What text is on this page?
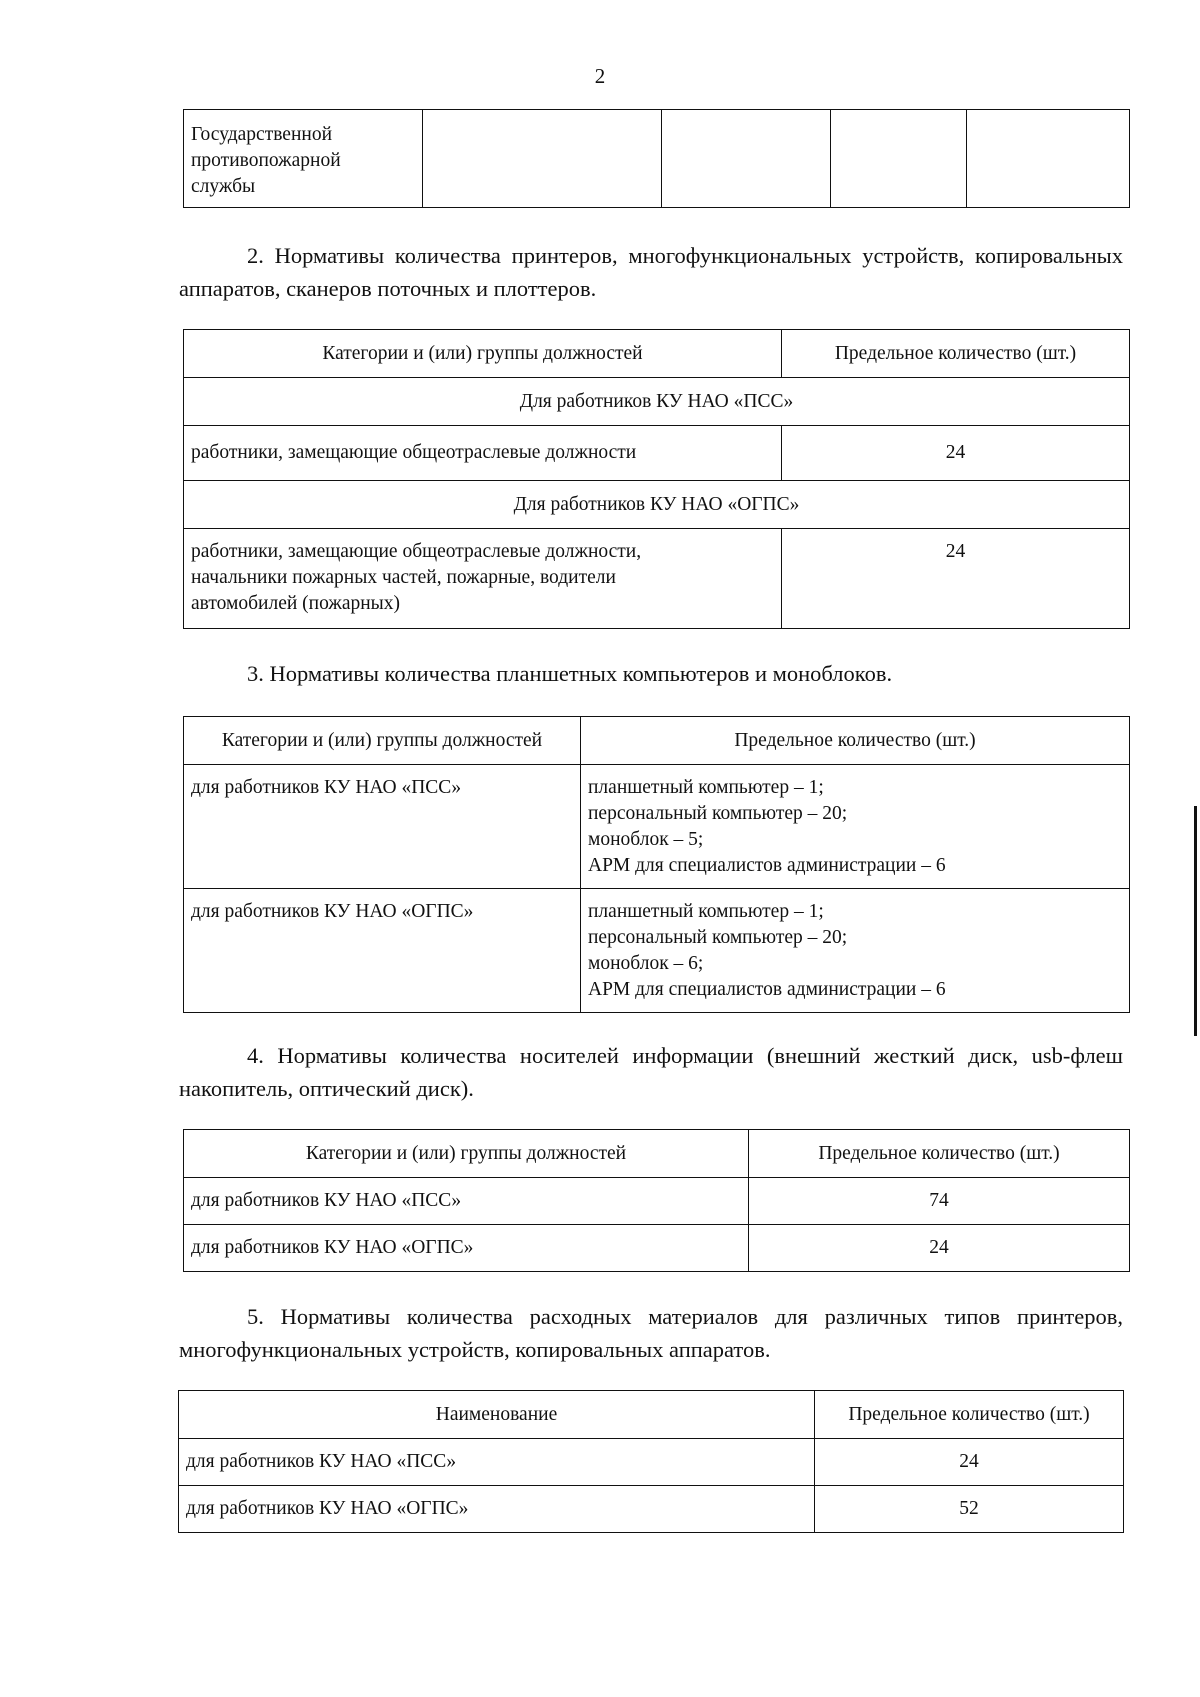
2
Государственной
противопожарной
службы

2. Нормативы количества принтеров, многофункциональных устройств, копировальных аппаратов, сканеров поточных и плоттеров.
Категории и (или) группы должностей	Предельное количество (шт.)
Для работников КУ НАО «ПСС»	
работники, замещающие общеотраслевые должности	24
Для работников КУ НАО «ОГПС»	

работники, замещающие общеотраслевые должности,
начальники пожарных частей, пожарные, водители
автомобилей (пожарных)	24
3. Нормативы количества планшетных компьютеров и моноблоков.
Категории и (или) группы должностей	Предельное количество (шт.)
для работников КУ НАО «ПСС»	планшетный компьютер – 1;
персональный компьютер – 20;
моноблок – 5;
АРМ для специалистов администрации – 6

для работников КУ НАО «ОГПС»	планшетный компьютер – 1;
персональный компьютер – 20;
моноблок – 6;
АРМ для специалистов администрации – 6
4. Нормативы количества носителей информации (внешний жесткий диск, usb-флеш накопитель, оптический диск).
Категории и (или) группы должностей	Предельное количество (шт.)
для работников КУ НАО «ПСС»	74
для работников КУ НАО «ОГПС»	24
5. Нормативы количества расходных материалов для различных типов принтеров, многофункциональных устройств, копировальных аппаратов.
Наименование	Предельное количество (шт.)
для работников КУ НАО «ПСС»	24
для работников КУ НАО «ОГПС»	52
